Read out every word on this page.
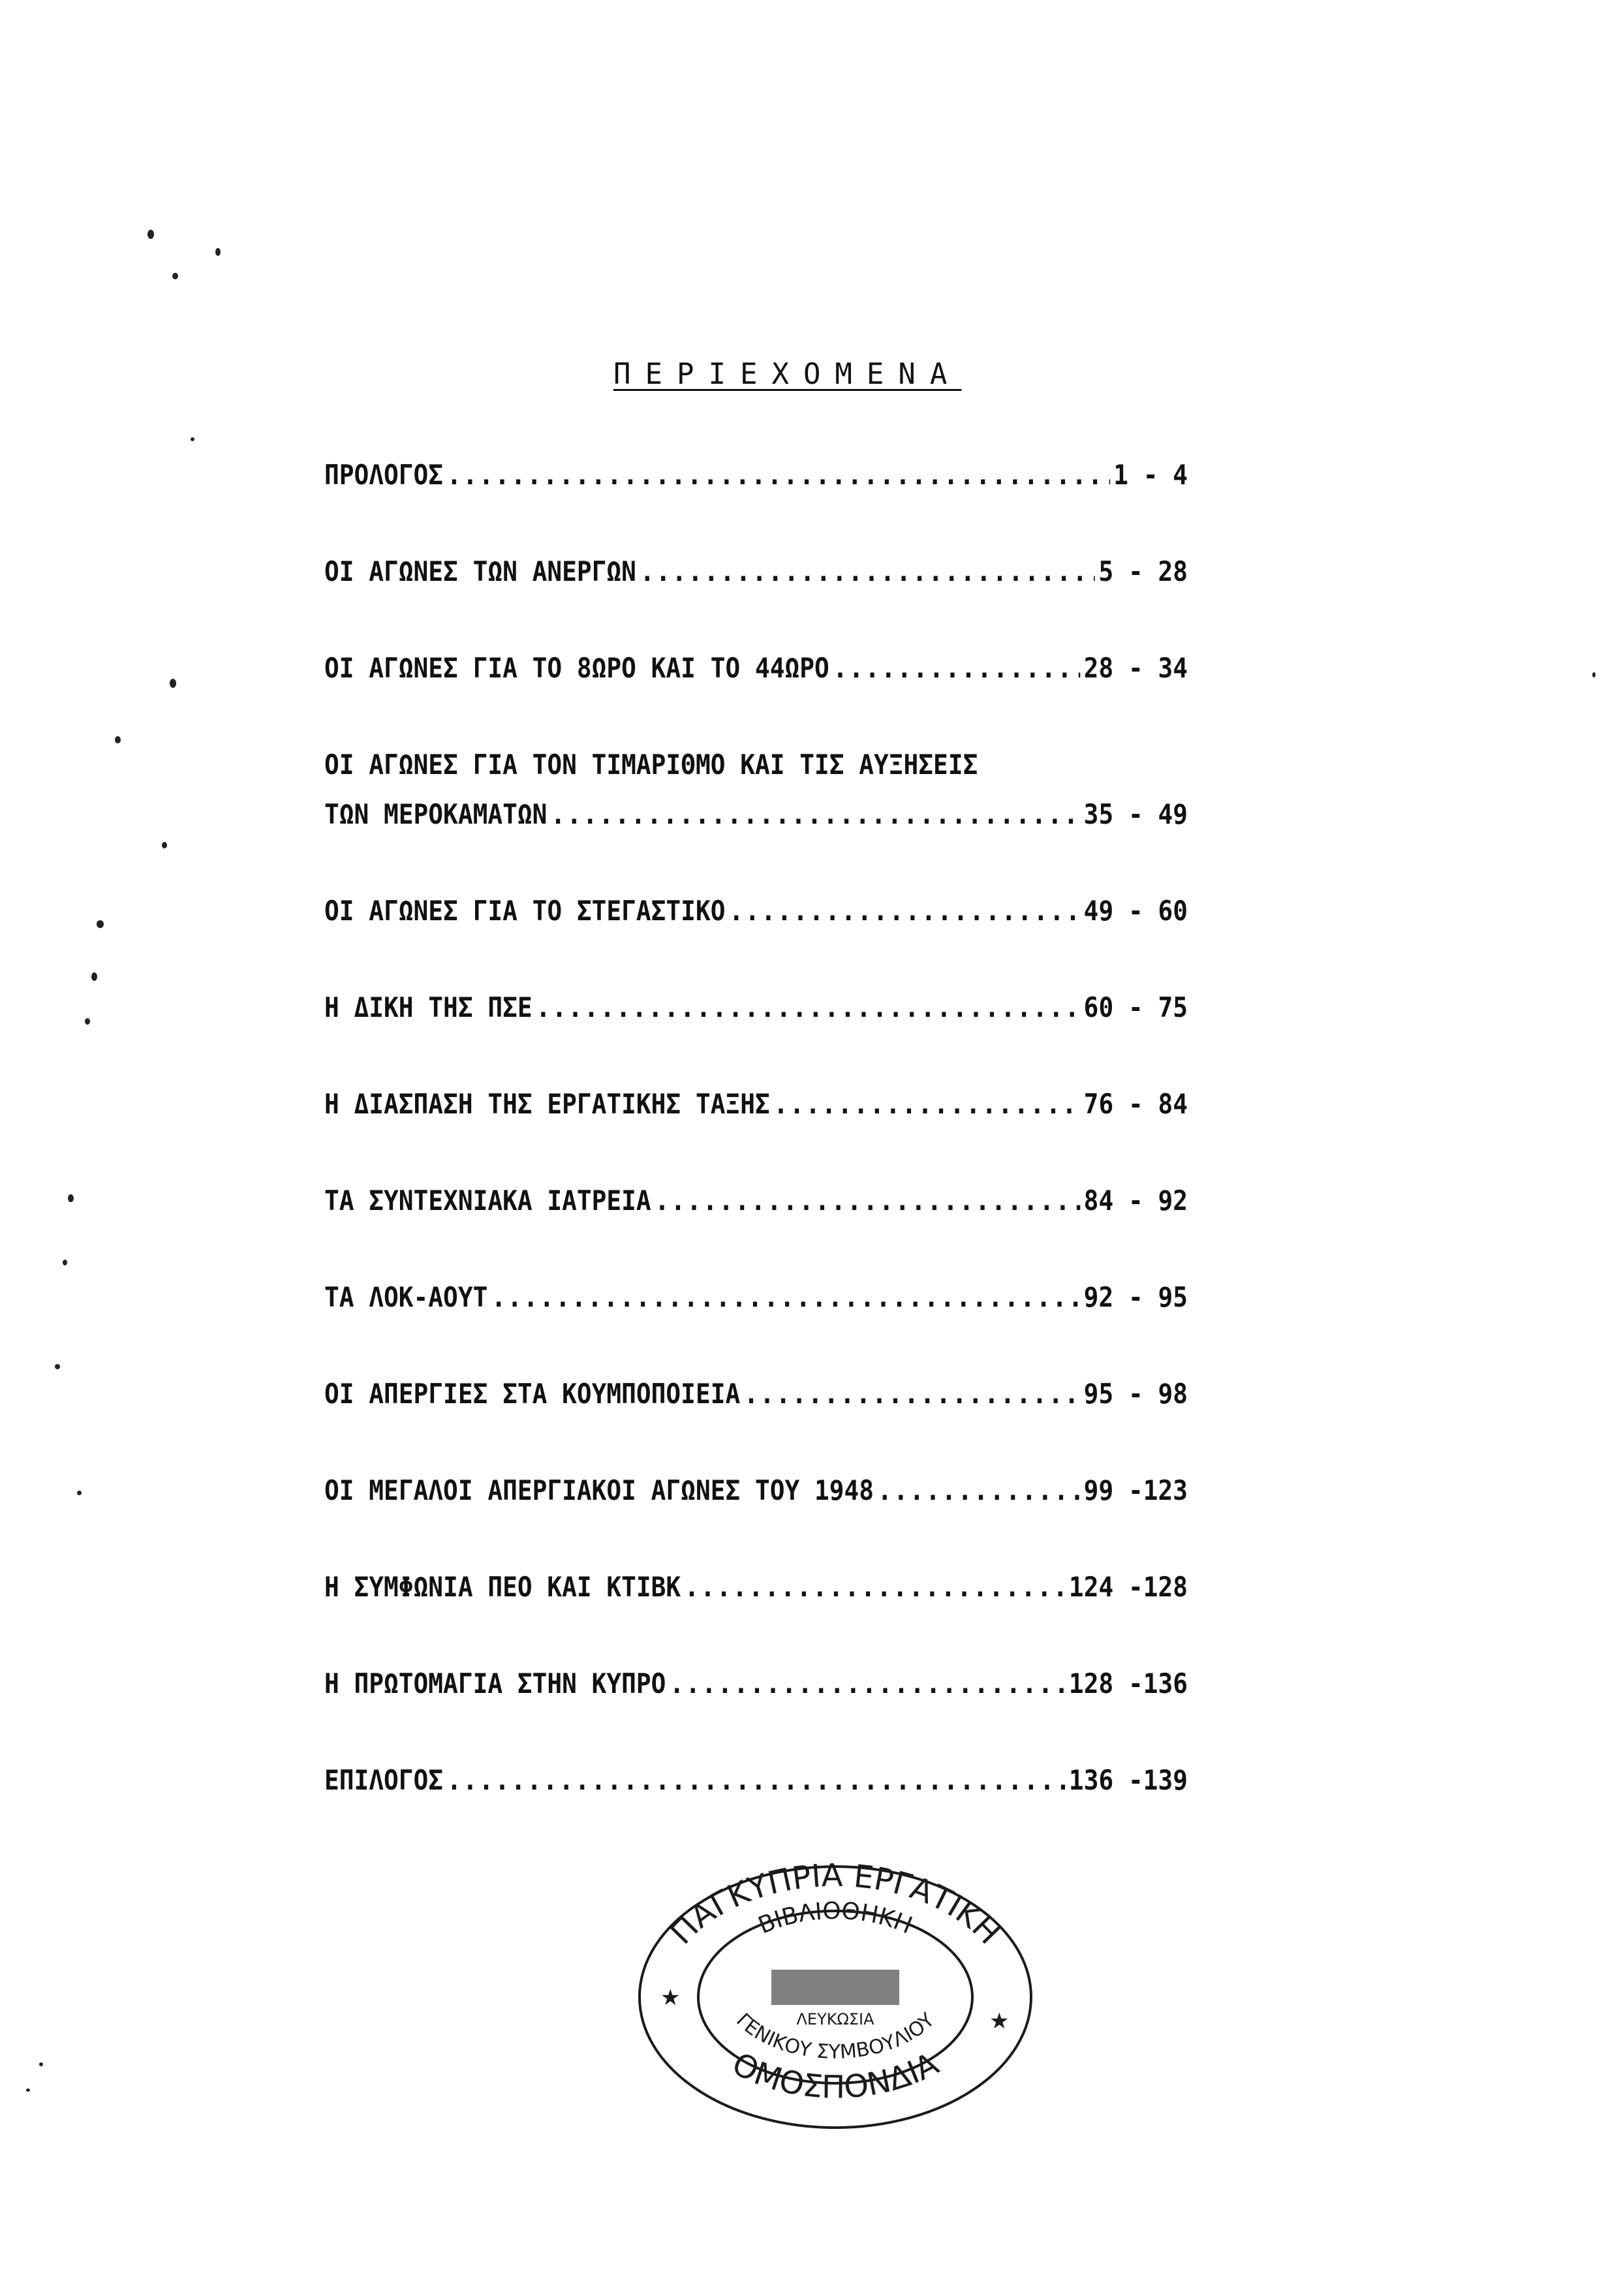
ΠΕΡΙΕΧΟΜΕΝΑ
ΠΡΟΛΟΓΟΣ .....	1 - 4
ΟΙ ΑΓΩΝΕΣ ΤΩΝ ΑΝΕΡΓΩΝ .....	5 - 28
ΟΙ ΑΓΩΝΕΣ ΓΙΑ ΤΟ 8ΩΡΟ ΚΑΙ ΤΟ 44ΩΡΟ .....	28 - 34
ΟΙ ΑΓΩΝΕΣ ΓΙΑ ΤΟΝ ΤΙΜΑΡΙΘΜΟ ΚΑΙ ΤΙΣ ΑΥΞΗΣΕΙΣ
ΤΩΝ ΜΕΡΟΚΑΜΑΤΩΝ .....	35 - 49
ΟΙ ΑΓΩΝΕΣ ΓΙΑ ΤΟ ΣΤΕΓΑΣΤΙΚΟ .....	49 - 60
Η ΔΙΚΗ ΤΗΣ ΠΣΕ .....	60 - 75
Η ΔΙΑΣΠΑΣΗ ΤΗΣ ΕΡΓΑΤΙΚΗΣ ΤΑΞΗΣ .....	76 - 84
ΤΑ ΣΥΝΤΕΧΝΙΑΚΑ ΙΑΤΡΕΙΑ .....	84 - 92
ΤΑ ΛΟΚ-ΑΟΥΤ .....	92 - 95
ΟΙ ΑΠΕΡΓΙΕΣ ΣΤΑ ΚΟΥΜΠΟΠΟΙΕΙΑ .....	95 - 98
ΟΙ ΜΕΓΑΛΟΙ ΑΠΕΡΓΙΑΚΟΙ ΑΓΩΝΕΣ ΤΟΥ 1948 .....	99 -123
Η ΣΥΜΦΩΝΙΑ ΠΕΟ ΚΑΙ ΚΤΙΒΚ .....	124 -128
Η ΠΡΩΤΟΜΑΓΙΑ ΣΤΗΝ ΚΥΠΡΟ .....	128 -136
ΕΠΙΛΟΓΟΣ .....	136 -139
ΠΑΓΚΥΠΡΙΑ ΕΡΓΑΤΙΚΗ
ΟΜΟΣΠΟΝΔΙΑ
ΒΙΒΛΙΟΘΗΚΗ
ΓΕΝΙΚΟΥ ΣΥΜΒΟΥΛΙΟΥ
ΛΕΥΚΩΣΙΑ
★
★
